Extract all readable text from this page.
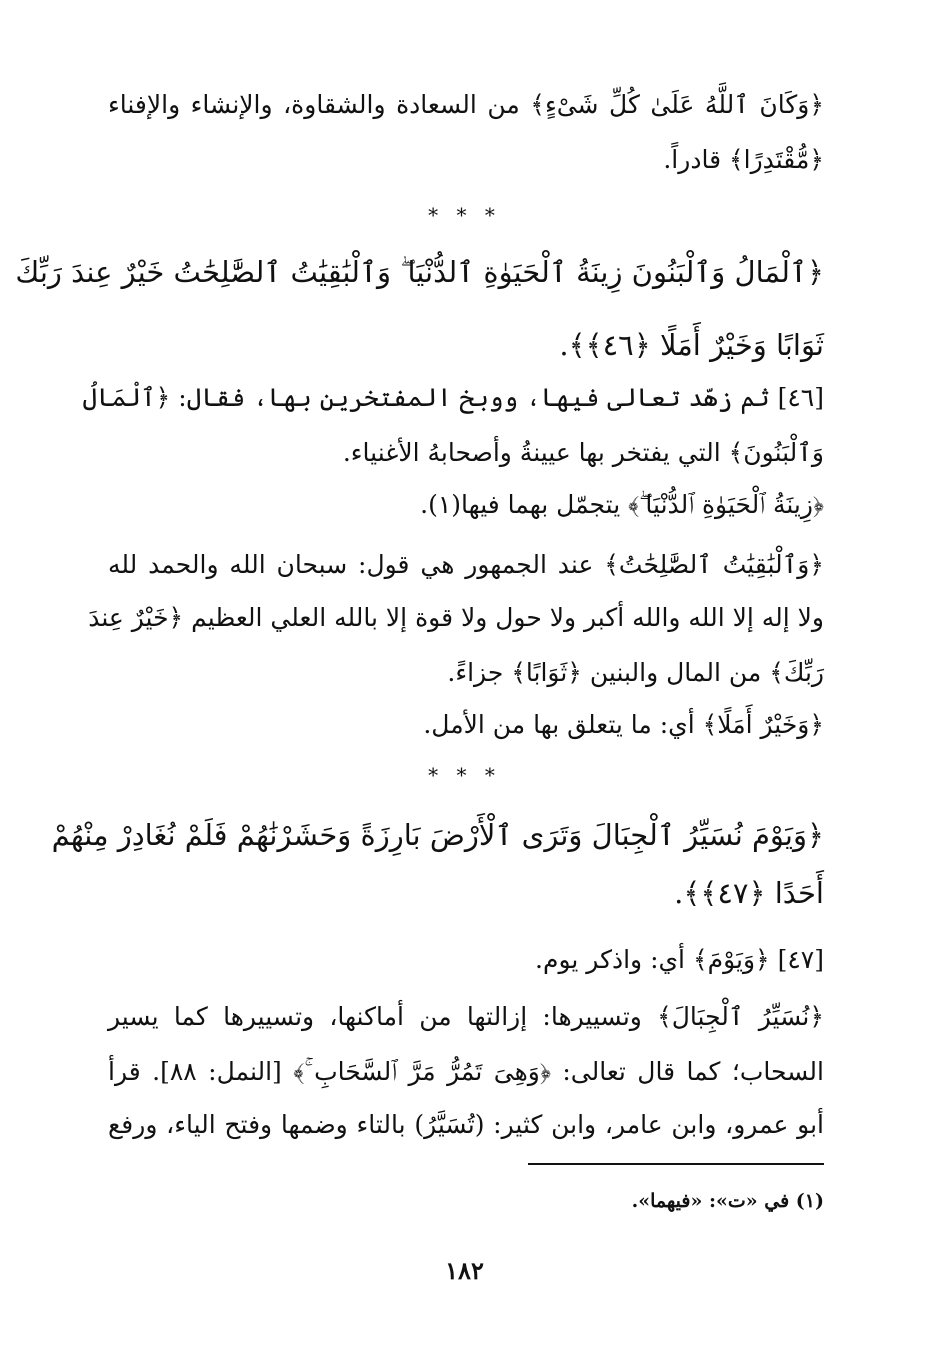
﴿وَكَانَ ٱللَّهُ عَلَىٰ كُلِّ شَىْءٍ﴾ من السعادة والشقاوة، والإنشاء والإفناء
﴿مُّقْتَدِرًا﴾ قادراً.
* * *
﴿ٱلْمَالُ وَٱلْبَنُونَ زِينَةُ ٱلْحَيَوٰةِ ٱلدُّنْيَا ۖ وَٱلْبَٰقِيَٰتُ ٱلصَّٰلِحَٰتُ خَيْرٌ عِندَ رَبِّكَ
ثَوَابًا وَخَيْرٌ أَمَلًا ﴿٤٦﴾﴾.
[٤٦] ثم زهّد تعالى فيها، ووبخ المفتخرين بها، فقال: ﴿ٱلْمَالُ
وَٱلْبَنُونَ﴾ التي يفتخر بها عيينةُ وأصحابهُ الأغنياء.
﴿زِينَةُ ٱلْحَيَوٰةِ ٱلدُّنْيَا ۖ﴾ يتجمّل بهما فيها(١).
﴿وَٱلْبَٰقِيَٰتُ ٱلصَّٰلِحَٰتُ﴾ عند الجمهور هي قول: سبحان الله والحمد لله
ولا إله إلا الله والله أكبر ولا حول ولا قوة إلا بالله العلي العظيم ﴿خَيْرٌ عِندَ
رَبِّكَ﴾ من المال والبنين ﴿ثَوَابًا﴾ جزاءً.
﴿وَخَيْرٌ أَمَلًا﴾ أي: ما يتعلق بها من الأمل.
* * *
﴿وَيَوْمَ نُسَيِّرُ ٱلْجِبَالَ وَتَرَى ٱلْأَرْضَ بَارِزَةً وَحَشَرْنَٰهُمْ فَلَمْ نُغَادِرْ مِنْهُمْ
أَحَدًا ﴿٤٧﴾﴾.
[٤٧] ﴿وَيَوْمَ﴾ أي: واذكر يوم.
﴿نُسَيِّرُ ٱلْجِبَالَ﴾ وتسييرها: إزالتها من أماكنها، وتسييرها كما يسير
السحاب؛ كما قال تعالى: ﴿وَهِىَ تَمُرُّ مَرَّ ٱلسَّحَابِ ۚ﴾ [النمل: ٨٨]. قرأ
أبو عمرو، وابن عامر، وابن كثير: (تُسَيَّرُ) بالتاء وضمها وفتح الياء، ورفع
(١) في «ت»: «فيهما».
١٨٢
